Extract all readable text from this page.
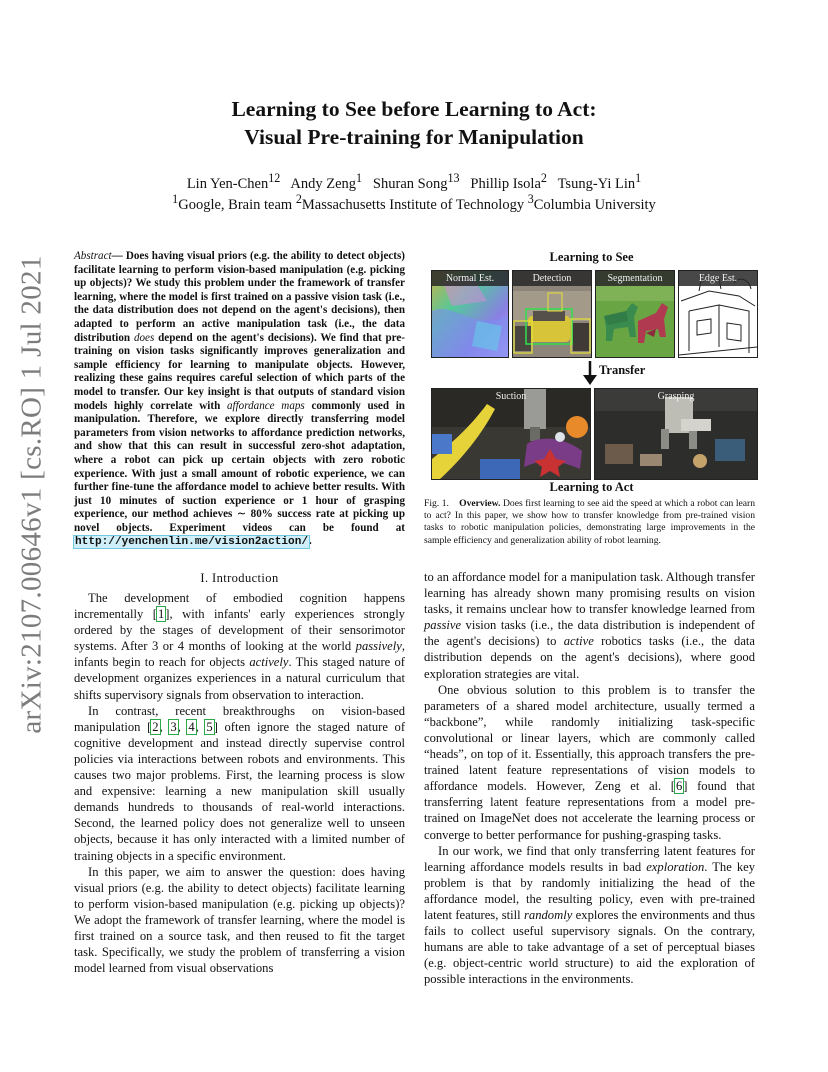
arXiv:2107.00646v1 [cs.RO] 1 Jul 2021
Learning to See before Learning to Act:
Visual Pre-training for Manipulation
Lin Yen-Chen$^{12}$ Andy Zeng$^1$ Shuran Song$^{13}$ Phillip Isola$^2$ Tsung-Yi Lin$^1$
$^1$Google, Brain team $^2$Massachusetts Institute of Technology $^3$Columbia University
Abstract— Does having visual priors (e.g. the ability to detect objects) facilitate learning to perform vision-based manipulation (e.g. picking up objects)? We study this problem under the framework of transfer learning, where the model is first trained on a passive vision task (i.e., the data distribution does not depend on the agent's decisions), then adapted to perform an active manipulation task (i.e., the data distribution does depend on the agent's decisions). We find that pre-training on vision tasks significantly improves generalization and sample efficiency for learning to manipulate objects. However, realizing these gains requires careful selection of which parts of the model to transfer. Our key insight is that outputs of standard vision models highly correlate with affordance maps commonly used in manipulation. Therefore, we explore directly transferring model parameters from vision networks to affordance prediction networks, and show that this can result in successful zero-shot adaptation, where a robot can pick up certain objects with zero robotic experience. With just a small amount of robotic experience, we can further fine-tune the affordance model to achieve better results. With just 10 minutes of suction experience or 1 hour of grasping experience, our method achieves ∼ 80% success rate at picking up novel objects. Experiment videos can be found at http://yenchenlin.me/vision2action/.
I. Introduction

The development of embodied cognition happens incrementally [1], with infants' early experiences strongly ordered by the stages of development of their sensorimotor systems. After 3 or 4 months of looking at the world passively, infants begin to reach for objects actively. This staged nature of development organizes experiences in a natural curriculum that shifts supervisory signals from observation to interaction.

In contrast, recent breakthroughs on vision-based manipulation [2, 3, 4, 5] often ignore the staged nature of cognitive development and instead directly supervise control policies via interactions between robots and environments. This causes two major problems. First, the learning process is slow and expensive: learning a new manipulation skill usually demands hundreds to thousands of real-world interactions. Second, the learned policy does not generalize well to unseen objects, because it has only interacted with a limited number of training objects in a specific environment.

In this paper, we aim to answer the question: does having visual priors (e.g. the ability to detect objects) facilitate learning to perform vision-based manipulation (e.g. picking up objects)? We adopt the framework of transfer learning, where the model is first trained on a source task, and then reused to fit the target task. Specifically, we study the problem of transferring a vision model learned from visual observations

Learning to See
Normal Est.	Detection	Segmentation	Edge Est.
Transfer
Suction	Grasping
Learning to Act
Fig. 1. Overview. Does first learning to see aid the speed at which a robot can learn to act? In this paper, we show how to transfer knowledge from pre-trained vision tasks to robotic manipulation policies, demonstrating large improvements in the sample efficiency and generalization ability of robot learning.

to an affordance model for a manipulation task. Although transfer learning has already shown many promising results on vision tasks, it remains unclear how to transfer knowledge learned from passive vision tasks (i.e., the data distribution is independent of the agent's decisions) to active robotics tasks (i.e., the data distribution depends on the agent's decisions), where good exploration strategies are vital.

One obvious solution to this problem is to transfer the parameters of a shared model architecture, usually termed a “backbone”, while randomly initializing task-specific convolutional or linear layers, which are commonly called “heads”, on top of it. Essentially, this approach transfers the pre-trained latent feature representations of vision models to affordance models. However, Zeng et al. [6] found that transferring latent feature representations from a model pre-trained on ImageNet does not accelerate the learning process or converge to better performance for pushing-grasping tasks.

In our work, we find that only transferring latent features for learning affordance models results in bad exploration. The key problem is that by randomly initializing the head of the affordance model, the resulting policy, even with pre-trained latent features, still randomly explores the environments and thus fails to collect useful supervisory signals. On the contrary, humans are able to take advantage of a set of perceptual biases (e.g. object-centric world structure) to aid the exploration of possible interactions in the environments.
